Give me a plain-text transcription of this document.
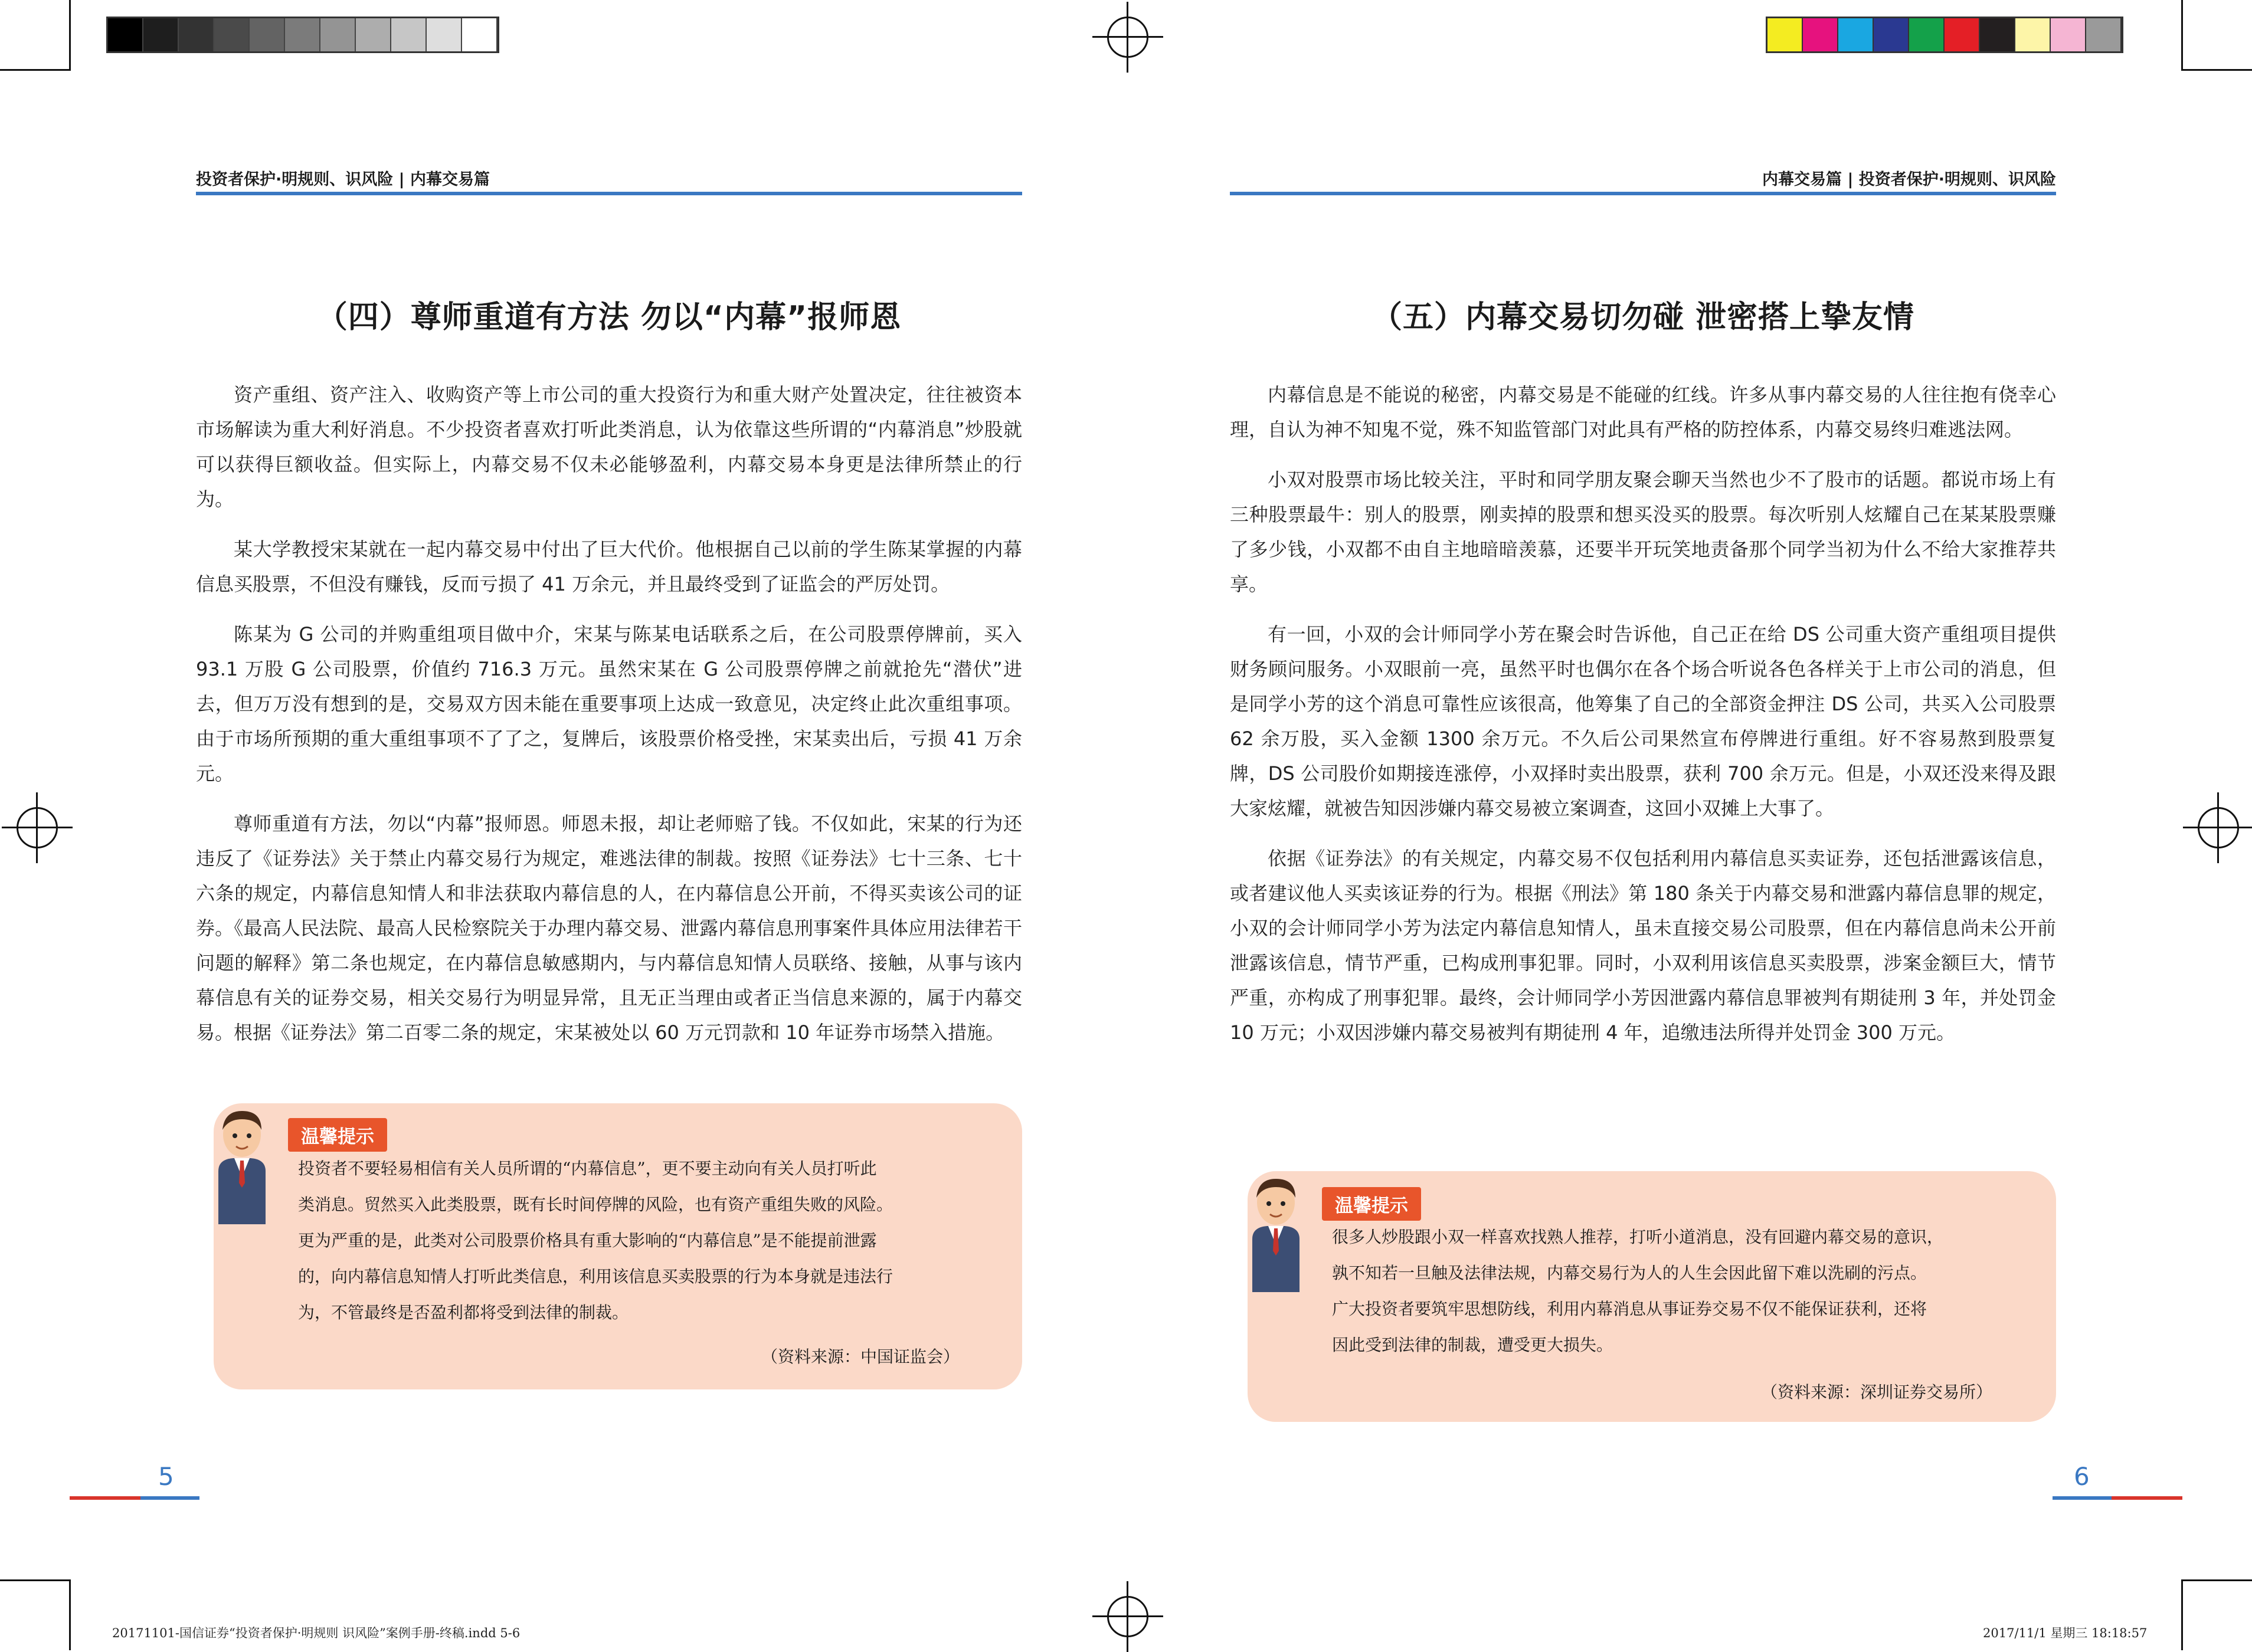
投资者保护·明规则、识风险 | 内幕交易篇
（四）尊师重道有方法 勿以“内幕”报师恩

资产重组、资产注入、收购资产等上市公司的重大投资行为和重大财产处置决定，往往被资本市场解读为重大利好消息。不少投资者喜欢打听此类消息，认为依靠这些所谓的“内幕消息”炒股就可以获得巨额收益。但实际上，内幕交易不仅未必能够盈利，内幕交易本身更是法律所禁止的行为。

某大学教授宋某就在一起内幕交易中付出了巨大代价。他根据自己以前的学生陈某掌握的内幕信息买股票，不但没有赚钱，反而亏损了 41 万余元，并且最终受到了证监会的严厉处罚。

陈某为 G 公司的并购重组项目做中介，宋某与陈某电话联系之后，在公司股票停牌前，买入 93.1 万股 G 公司股票，价值约 716.3 万元。虽然宋某在 G 公司股票停牌之前就抢先“潜伏”进去，但万万没有想到的是，交易双方因未能在重要事项上达成一致意见，决定终止此次重组事项。由于市场所预期的重大重组事项不了了之，复牌后，该股票价格受挫，宋某卖出后，亏损 41 万余元。

尊师重道有方法，勿以“内幕”报师恩。师恩未报，却让老师赔了钱。不仅如此，宋某的行为还违反了《证券法》关于禁止内幕交易行为规定，难逃法律的制裁。按照《证券法》七十三条、七十六条的规定，内幕信息知情人和非法获取内幕信息的人，在内幕信息公开前，不得买卖该公司的证券。《最高人民法院、最高人民检察院关于办理内幕交易、泄露内幕信息刑事案件具体应用法律若干问题的解释》第二条也规定，在内幕信息敏感期内，与内幕信息知情人员联络、接触，从事与该内幕信息有关的证券交易，相关交易行为明显异常，且无正当理由或者正当信息来源的，属于内幕交易。根据《证券法》第二百零二条的规定，宋某被处以 60 万元罚款和 10 年证券市场禁入措施。

温馨提示

投资者不要轻易相信有关人员所谓的“内幕信息”，更不要主动向有关人员打听此

类消息。贸然买入此类股票，既有长时间停牌的风险，也有资产重组失败的风险。

更为严重的是，此类对公司股票价格具有重大影响的“内幕信息”是不能提前泄露

的，向内幕信息知情人打听此类信息，利用该信息买卖股票的行为本身就是违法行

为，不管最终是否盈利都将受到法律的制裁。

（资料来源：中国证监会）
5
内幕交易篇 | 投资者保护·明规则、识风险
（五）内幕交易切勿碰 泄密搭上挚友情

内幕信息是不能说的秘密，内幕交易是不能碰的红线。许多从事内幕交易的人往往抱有侥幸心理，自认为神不知鬼不觉，殊不知监管部门对此具有严格的防控体系，内幕交易终归难逃法网。

小双对股票市场比较关注，平时和同学朋友聚会聊天当然也少不了股市的话题。都说市场上有三种股票最牛：别人的股票，刚卖掉的股票和想买没买的股票。每次听别人炫耀自己在某某股票赚了多少钱，小双都不由自主地暗暗羡慕，还要半开玩笑地责备那个同学当初为什么不给大家推荐共享。

有一回，小双的会计师同学小芳在聚会时告诉他，自己正在给 DS 公司重大资产重组项目提供财务顾问服务。小双眼前一亮，虽然平时也偶尔在各个场合听说各色各样关于上市公司的消息，但是同学小芳的这个消息可靠性应该很高，他筹集了自己的全部资金押注 DS 公司，共买入公司股票 62 余万股，买入金额 1300 余万元。不久后公司果然宣布停牌进行重组。好不容易熬到股票复牌，DS 公司股价如期接连涨停，小双择时卖出股票，获利 700 余万元。但是，小双还没来得及跟大家炫耀，就被告知因涉嫌内幕交易被立案调查，这回小双摊上大事了。

依据《证券法》的有关规定，内幕交易不仅包括利用内幕信息买卖证券，还包括泄露该信息，或者建议他人买卖该证券的行为。根据《刑法》第 180 条关于内幕交易和泄露内幕信息罪的规定，小双的会计师同学小芳为法定内幕信息知情人，虽未直接交易公司股票，但在内幕信息尚未公开前泄露该信息，情节严重，已构成刑事犯罪。同时，小双利用该信息买卖股票，涉案金额巨大，情节严重，亦构成了刑事犯罪。最终，会计师同学小芳因泄露内幕信息罪被判有期徒刑 3 年，并处罚金 10 万元；小双因涉嫌内幕交易被判有期徒刑 4 年，追缴违法所得并处罚金 300 万元。

温馨提示

很多人炒股跟小双一样喜欢找熟人推荐，打听小道消息，没有回避内幕交易的意识，

孰不知若一旦触及法律法规，内幕交易行为人的人生会因此留下难以洗刷的污点。

广大投资者要筑牢思想防线，利用内幕消息从事证券交易不仅不能保证获利，还将

因此受到法律的制裁，遭受更大损失。

（资料来源：深圳证券交易所）
6
20171101-国信证券“投资者保护·明规则 识风险”案例手册-终稿.indd 5-6	2017/11/1 星期三 18:18:57
